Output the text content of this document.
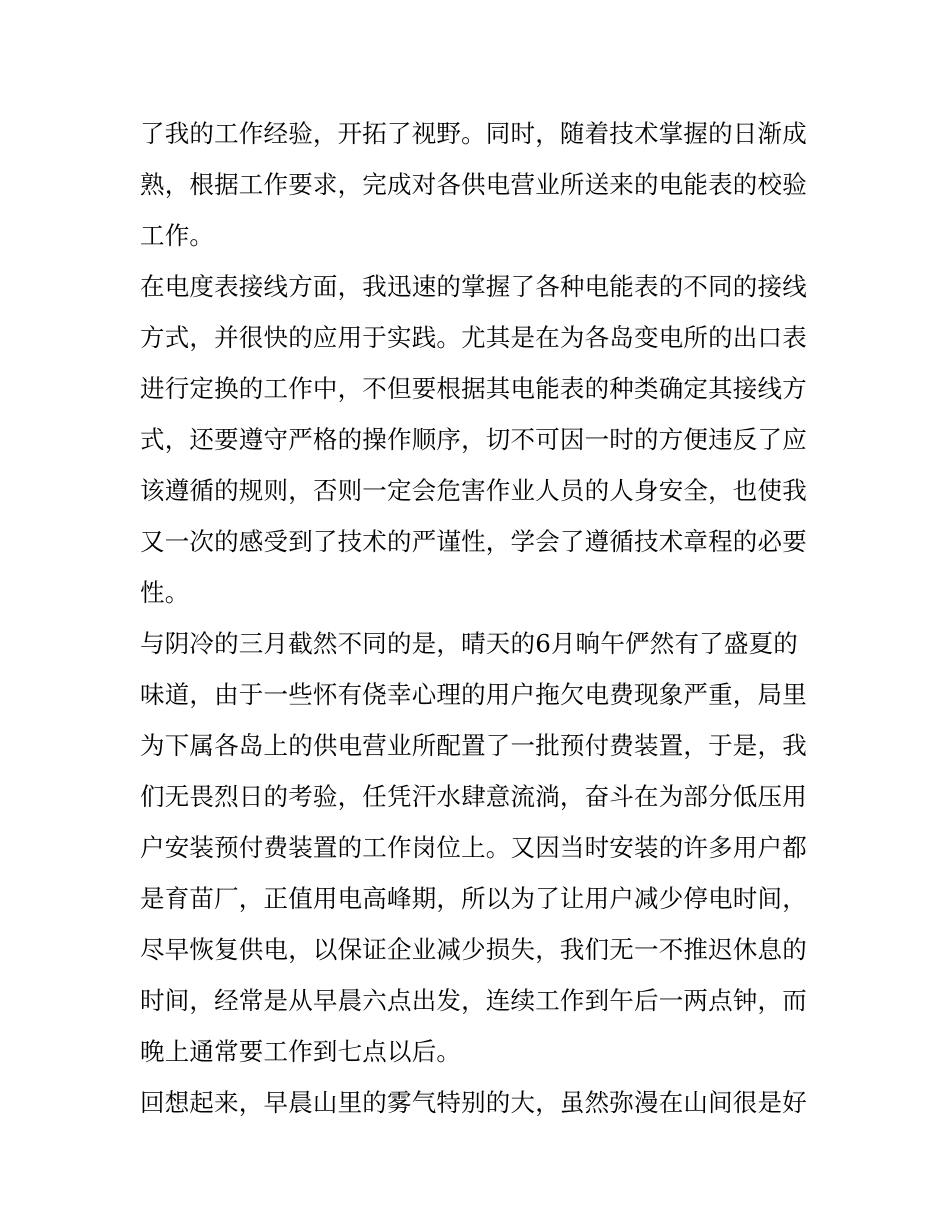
了我的工作经验，开拓了视野。同时，随着技术掌握的日渐成
熟，根据工作要求，完成对各供电营业所送来的电能表的校验
工作。
在电度表接线方面，我迅速的掌握了各种电能表的不同的接线
方式，并很快的应用于实践。尤其是在为各岛变电所的出口表
进行定换的工作中，不但要根据其电能表的种类确定其接线方
式，还要遵守严格的操作顺序，切不可因一时的方便违反了应
该遵循的规则，否则一定会危害作业人员的人身安全，也使我
又一次的感受到了技术的严谨性，学会了遵循技术章程的必要
性。
与阴冷的三月截然不同的是，晴天的6月晌午俨然有了盛夏的
味道，由于一些怀有侥幸心理的用户拖欠电费现象严重，局里
为下属各岛上的供电营业所配置了一批预付费装置，于是，我
们无畏烈日的考验，任凭汗水肆意流淌，奋斗在为部分低压用
户安装预付费装置的工作岗位上。又因当时安装的许多用户都
是育苗厂，正值用电高峰期，所以为了让用户减少停电时间，
尽早恢复供电，以保证企业减少损失，我们无一不推迟休息的
时间，经常是从早晨六点出发，连续工作到午后一两点钟，而
晚上通常要工作到七点以后。
回想起来，早晨山里的雾气特别的大，虽然弥漫在山间很是好
